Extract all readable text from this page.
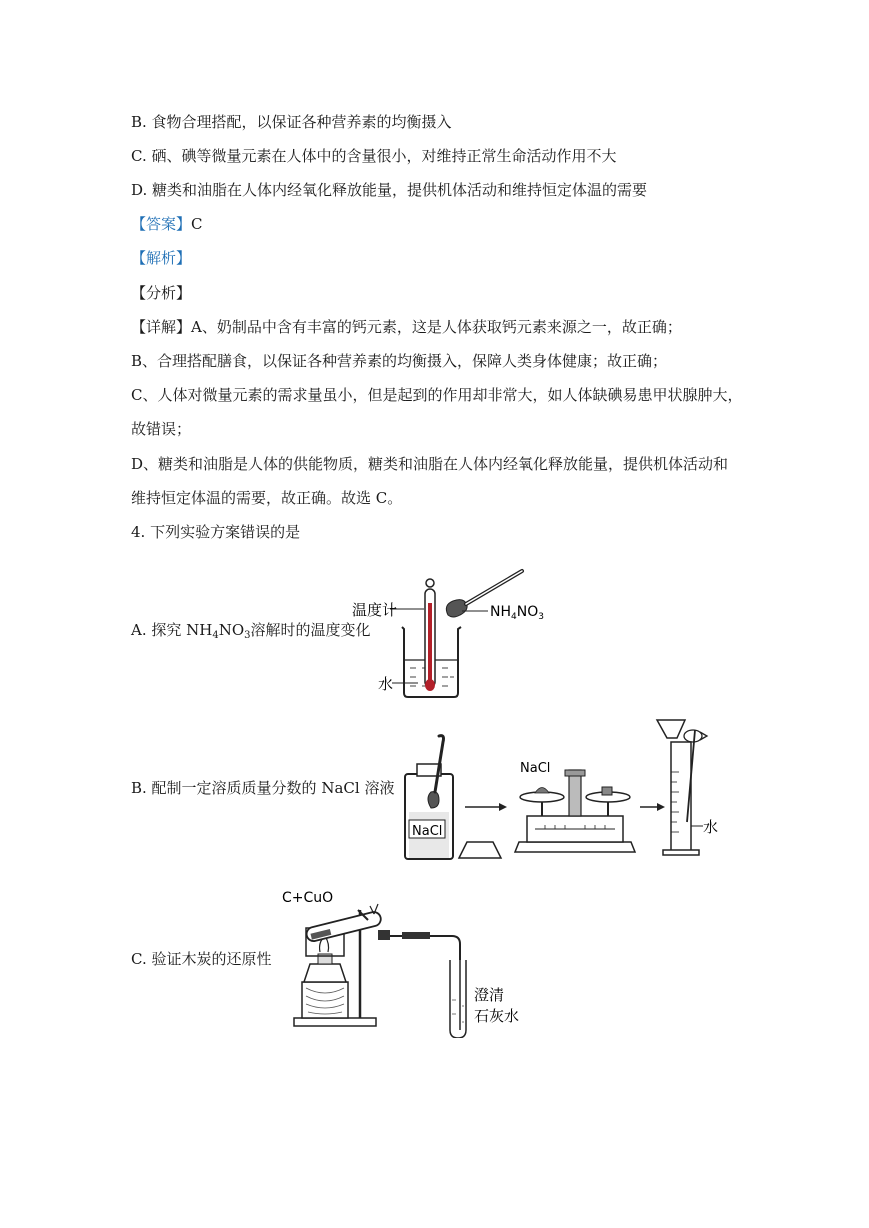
B. 食物合理搭配，以保证各种营养素的均衡摄入
C. 硒、碘等微量元素在人体中的含量很小，对维持正常生命活动作用不大
D. 糖类和油脂在人体内经氧化释放能量，提供机体活动和维持恒定体温的需要
【答案】C
【解析】
【分析】
【详解】A、奶制品中含有丰富的钙元素，这是人体获取钙元素来源之一，故正确；
B、合理搭配膳食，以保证各种营养素的均衡摄入，保障人类身体健康；故正确；
C、人体对微量元素的需求量虽小，但是起到的作用却非常大，如人体缺碘易患甲状腺肿大，
故错误；
D、糖类和油脂是人体的供能物质，糖类和油脂在人体内经氧化释放能量，提供机体活动和
维持恒定体温的需要，故正确。故选 C。
4. 下列实验方案错误的是
A. 探究 $NH_4NO_3$溶解时的温度变化
B. 配制一定溶质质量分数的 NaCl 溶液
C. 验证木炭的还原性
温度计	$NH_4NO_3$
水
NaCl
NaCl
水
C+CuO
澄清
石灰水
